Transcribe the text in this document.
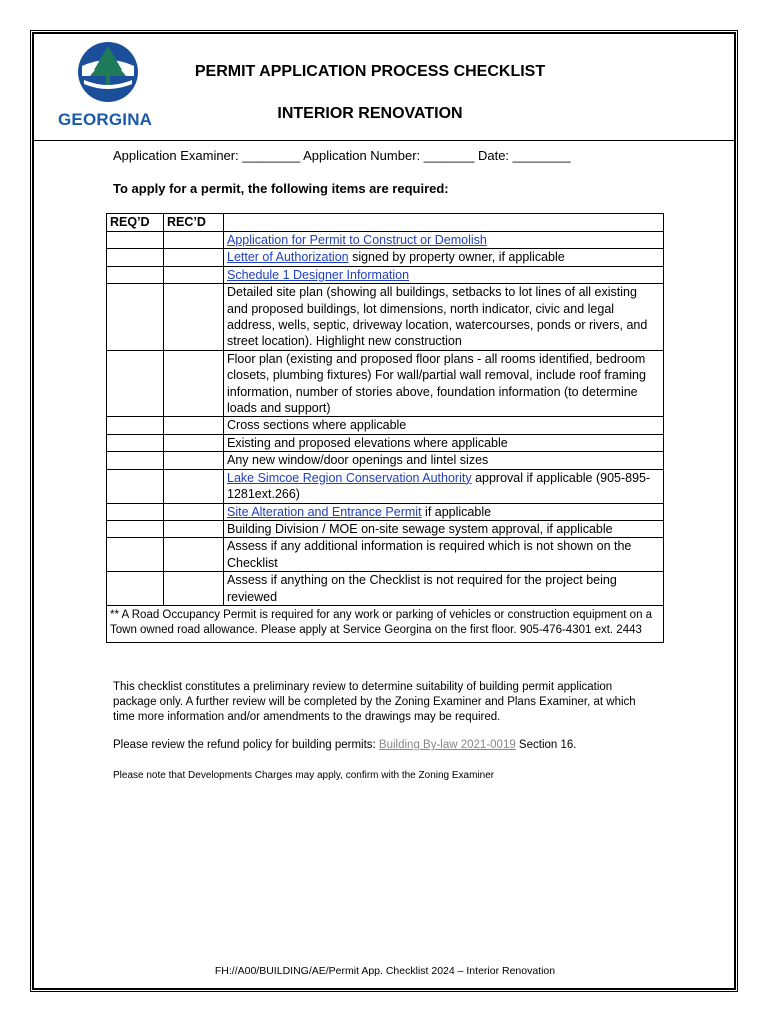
GEORGINA
PERMIT APPLICATION PROCESS CHECKLIST
INTERIOR RENOVATION
Application Examiner: ________ Application Number: _______ Date: ________
To apply for a permit, the following items are required:
REQ’D	REC’D	
		Application for Permit to Construct or Demolish
		Letter of Authorization signed by property owner, if applicable
		Schedule 1 Designer Information
		Detailed site plan (showing all buildings, setbacks to lot lines of all existing and proposed buildings, lot dimensions, north indicator, civic and legal address, wells, septic, driveway location, watercourses, ponds or rivers, and street location). Highlight new construction
		Floor plan (existing and proposed floor plans - all rooms identified, bedroom closets, plumbing fixtures) For wall/partial wall removal, include roof framing information, number of stories above, foundation information (to determine loads and support)
		Cross sections where applicable
		Existing and proposed elevations where applicable
		Any new window/door openings and lintel sizes
		Lake Simcoe Region Conservation Authority approval if applicable (905-895-1281ext.266)
		Site Alteration and Entrance Permit if applicable
		Building Division / MOE on-site sewage system approval, if applicable
		Assess if any additional information is required which is not shown on the Checklist
		Assess if anything on the Checklist is not required for the project being reviewed
** A Road Occupancy Permit is required for any work or parking of vehicles or construction equipment on a Town owned road allowance. Please apply at Service Georgina on the first floor. 905-476-4301 ext. 2443		
This checklist constitutes a preliminary review to determine suitability of building permit application package only. A further review will be completed by the Zoning Examiner and Plans Examiner, at which time more information and/or amendments to the drawings may be required.
Please review the refund policy for building permits: Building By-law 2021-0019 Section 16.
Please note that Developments Charges may apply, confirm with the Zoning Examiner
FH://A00/BUILDING/AE/Permit App. Checklist 2024 – Interior Renovation
